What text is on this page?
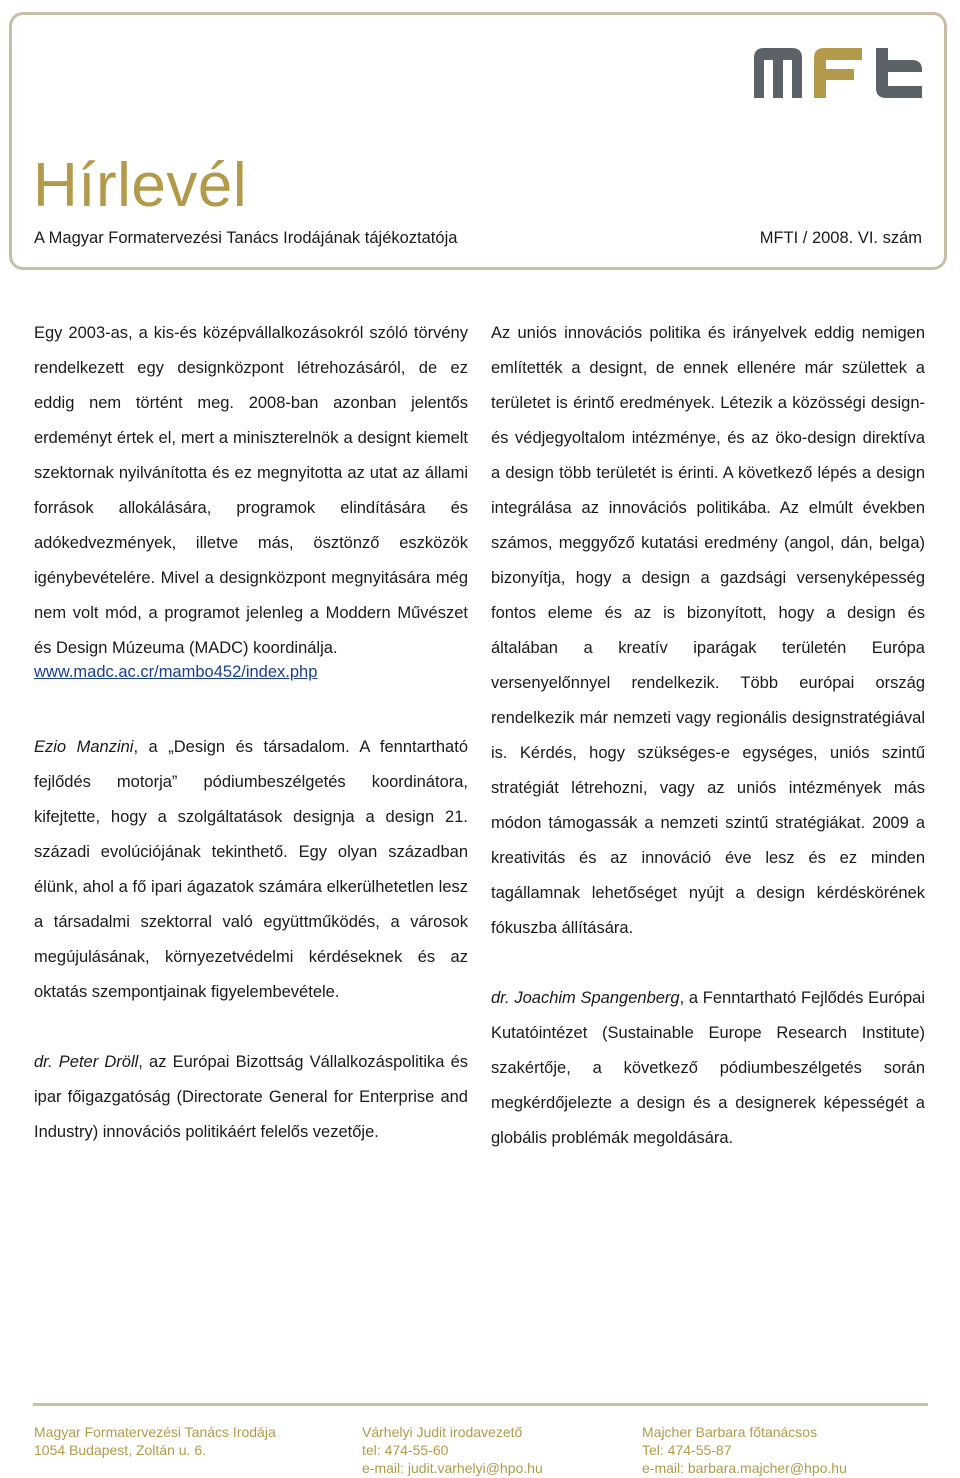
Hírlevél
A Magyar Formatervezési Tanács Irodájának tájékoztatója	MFTI / 2008. VI. szám

Egy 2003-as, a kis-és középvállalkozásokról szóló törvény rendelkezett egy designközpont létrehozásáról, de ez eddig nem történt meg. 2008-ban azonban jelentős erdeményt értek el, mert a miniszterelnök a designt kiemelt szektornak nyilvánította és ez megnyitotta az utat az állami források allokálására, programok elindítására és adókedvezmények, illetve más, ösztönző eszközök igénybevételére. Mivel a designközpont megnyitására még nem volt mód, a programot jelenleg a Moddern Művészet és Design Múzeuma (MADC) koordinálja.

www.madc.ac.cr/mambo452/index.php

Ezio Manzini, a „Design és társadalom. A fenntartható fejlődés motorja” pódiumbeszélgetés koordinátora, kifejtette, hogy a szolgáltatások designja a design 21. századi evolúciójának tekinthető. Egy olyan században élünk, ahol a fő ipari ágazatok számára elkerülhetetlen lesz a társadalmi szektorral való együttműködés, a városok megújulásának, környezetvédelmi kérdéseknek és az oktatás szempontjainak figyelembevétele.

dr. Peter Dröll, az Európai Bizottság Vállalkozáspolitika és ipar főigazgatóság (Directorate General for Enterprise and Industry) innovációs politikáért felelős vezetője.

Az uniós innovációs politika és irányelvek eddig nemigen említették a designt, de ennek ellenére már születtek a területet is érintő eredmények. Létezik a közösségi design- és védjegyoltalom intézménye, és az öko-design direktíva a design több területét is érinti. A következő lépés a design integrálása az innovációs politikába. Az elmúlt években számos, meggyőző kutatási eredmény (angol, dán, belga) bizonyítja, hogy a design a gazdsági versenyképesség fontos eleme és az is bizonyított, hogy a design és általában a kreatív iparágak területén Európa versenyelőnnyel rendelkezik. Több európai ország rendelkezik már nemzeti vagy regionális designstratégiával is. Kérdés, hogy szükséges-e egységes, uniós szintű stratégiát létrehozni, vagy az uniós intézmények más módon támogassák a nemzeti szintű stratégiákat. 2009 a kreativitás és az innováció éve lesz és ez minden tagállamnak lehetőséget nyújt a design kérdéskörének fókuszba állítására.

dr. Joachim Spangenberg, a Fenntartható Fejlődés Európai Kutatóintézet (Sustainable Europe Research Institute) szakértője, a következő pódiumbeszélgetés során megkérdőjelezte a design és a designerek képességét a globális problémák megoldására.

Magyar Formatervezési Tanács Irodája
1054 Budapest, Zoltán u. 6.
Várhelyi Judit irodavezető
tel: 474-55-60
e-mail: judit.varhelyi@hpo.hu
Majcher Barbara főtanácsos
Tel: 474-55-87
e-mail: barbara.majcher@hpo.hu
